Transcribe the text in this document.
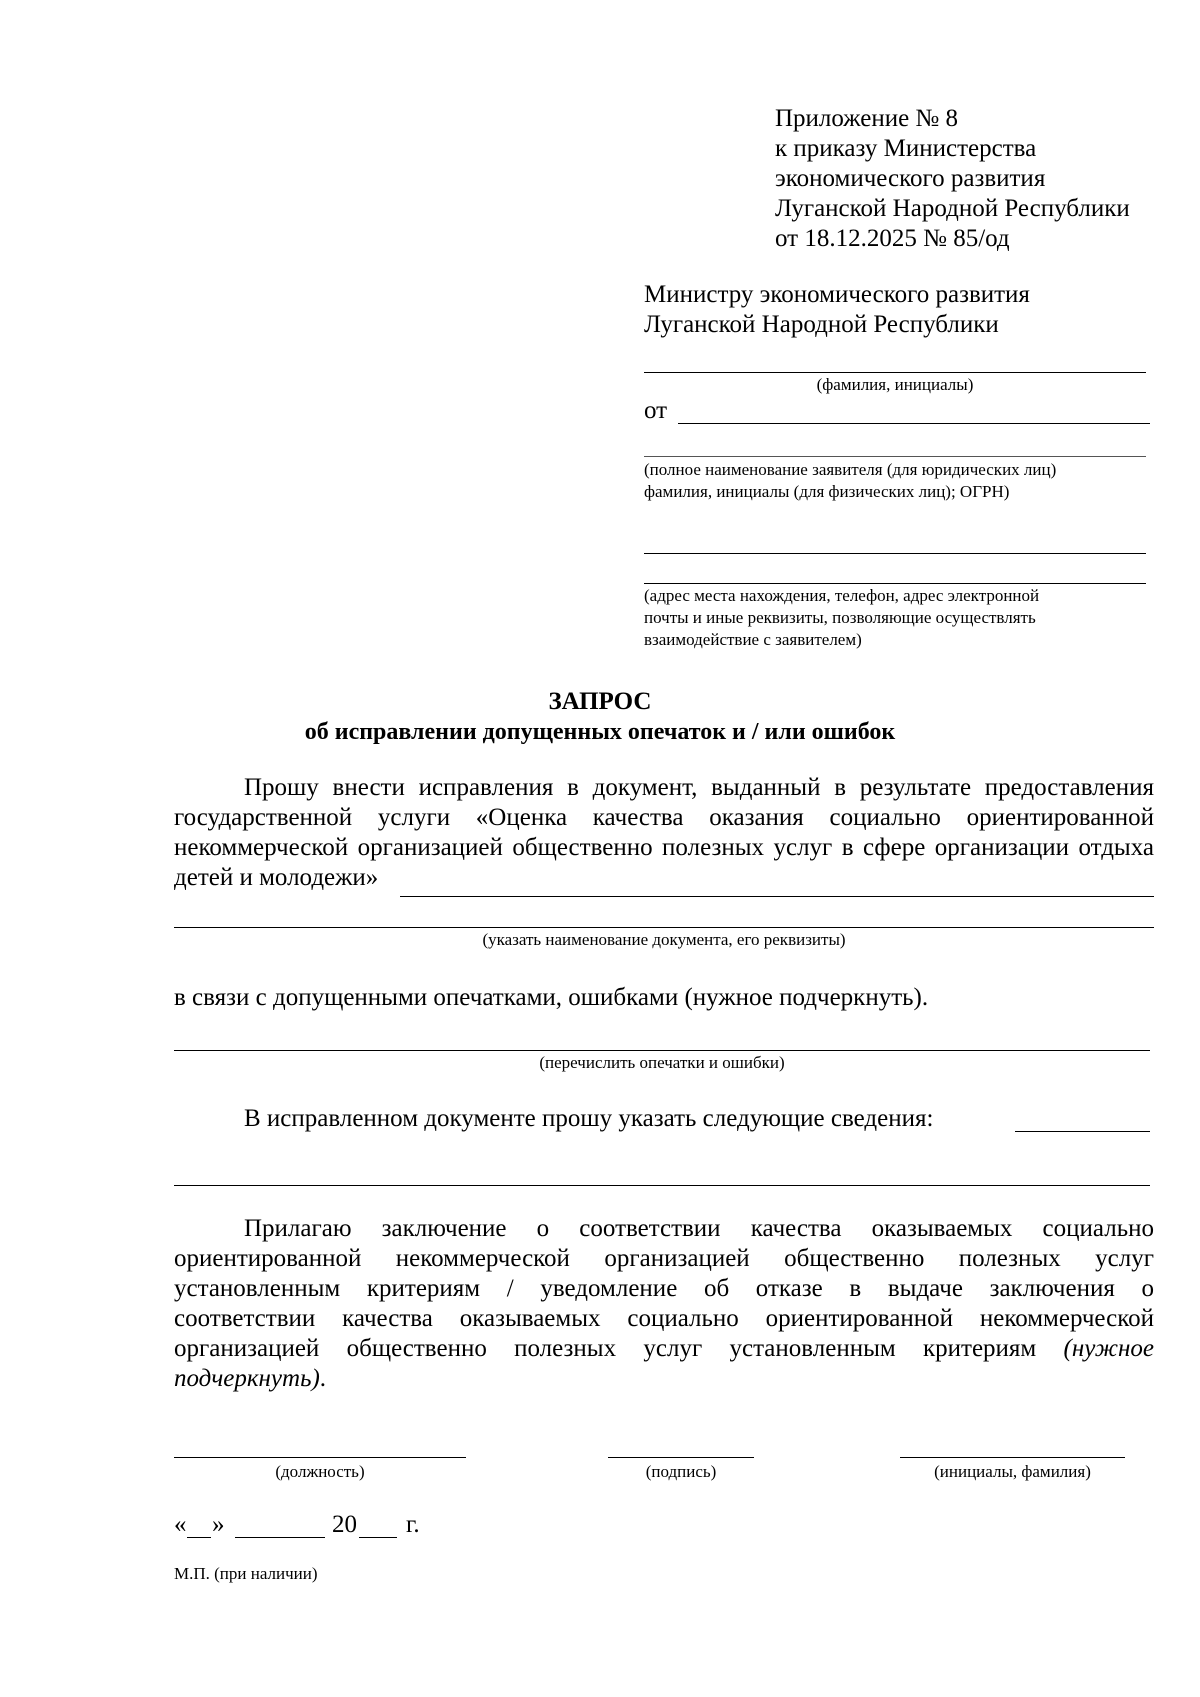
Приложение № 8
к приказу Министерства
экономического развития
Луганской Народной Республики
от 18.12.2025 № 85/од
Министру экономического развития
Луганской Народной Республики
(фамилия, инициалы)
от
(полное наименование заявителя (для юридических лиц)
фамилия, инициалы (для физических лиц); ОГРН)
(адрес места нахождения, телефон, адрес электронной
почты и иные реквизиты, позволяющие осуществлять
взаимодействие с заявителем)
ЗАПРОС
об исправлении допущенных опечаток и / или ошибок
Прошу внести исправления в документ, выданный в результате предоставления
государственной услуги «Оценка качества оказания социально ориентированной
некоммерческой организацией общественно полезных услуг в сфере организации отдыха
детей и молодежи»
(указать наименование документа, его реквизиты)
в связи с допущенными опечатками, ошибками (нужное подчеркнуть).
(перечислить опечатки и ошибки)
В исправленном документе прошу указать следующие сведения:
Прилагаю заключение о соответствии качества оказываемых социально
ориентированной некоммерческой организацией общественно полезных услуг
установленным критериям / уведомление об отказе в выдаче заключения о
соответствии качества оказываемых социально ориентированной некоммерческой
организацией общественно полезных услуг установленным критериям (нужное
подчеркнуть).
(должность)	(подпись)	(инициалы, фамилия)
« »	20 г.
М.П. (при наличии)
